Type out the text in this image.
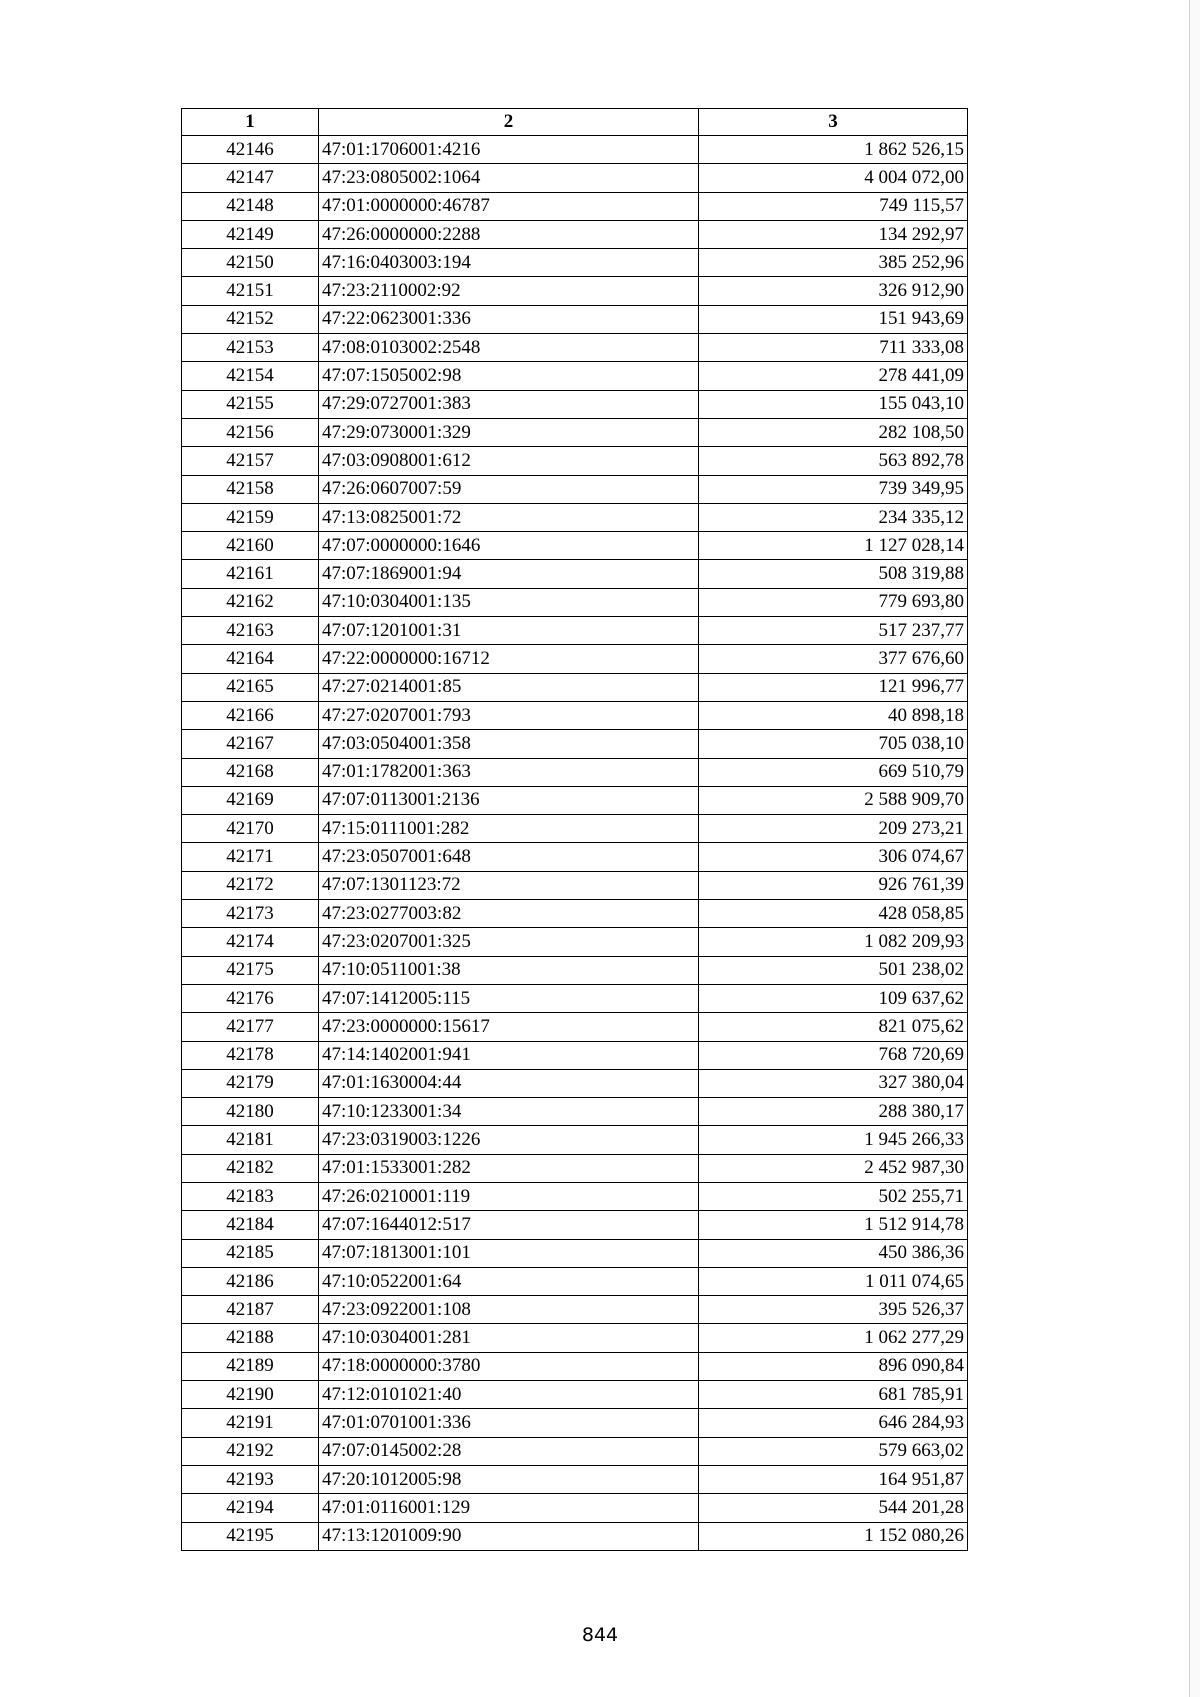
1	2	3
42146	47:01:1706001:4216	1 862 526,15
42147	47:23:0805002:1064	4 004 072,00
42148	47:01:0000000:46787	749 115,57
42149	47:26:0000000:2288	134 292,97
42150	47:16:0403003:194	385 252,96
42151	47:23:2110002:92	326 912,90
42152	47:22:0623001:336	151 943,69
42153	47:08:0103002:2548	711 333,08
42154	47:07:1505002:98	278 441,09
42155	47:29:0727001:383	155 043,10
42156	47:29:0730001:329	282 108,50
42157	47:03:0908001:612	563 892,78
42158	47:26:0607007:59	739 349,95
42159	47:13:0825001:72	234 335,12
42160	47:07:0000000:1646	1 127 028,14
42161	47:07:1869001:94	508 319,88
42162	47:10:0304001:135	779 693,80
42163	47:07:1201001:31	517 237,77
42164	47:22:0000000:16712	377 676,60
42165	47:27:0214001:85	121 996,77
42166	47:27:0207001:793	40 898,18
42167	47:03:0504001:358	705 038,10
42168	47:01:1782001:363	669 510,79
42169	47:07:0113001:2136	2 588 909,70
42170	47:15:0111001:282	209 273,21
42171	47:23:0507001:648	306 074,67
42172	47:07:1301123:72	926 761,39
42173	47:23:0277003:82	428 058,85
42174	47:23:0207001:325	1 082 209,93
42175	47:10:0511001:38	501 238,02
42176	47:07:1412005:115	109 637,62
42177	47:23:0000000:15617	821 075,62
42178	47:14:1402001:941	768 720,69
42179	47:01:1630004:44	327 380,04
42180	47:10:1233001:34	288 380,17
42181	47:23:0319003:1226	1 945 266,33
42182	47:01:1533001:282	2 452 987,30
42183	47:26:0210001:119	502 255,71
42184	47:07:1644012:517	1 512 914,78
42185	47:07:1813001:101	450 386,36
42186	47:10:0522001:64	1 011 074,65
42187	47:23:0922001:108	395 526,37
42188	47:10:0304001:281	1 062 277,29
42189	47:18:0000000:3780	896 090,84
42190	47:12:0101021:40	681 785,91
42191	47:01:0701001:336	646 284,93
42192	47:07:0145002:28	579 663,02
42193	47:20:1012005:98	164 951,87
42194	47:01:0116001:129	544 201,28
42195	47:13:1201009:90	1 152 080,26
844
